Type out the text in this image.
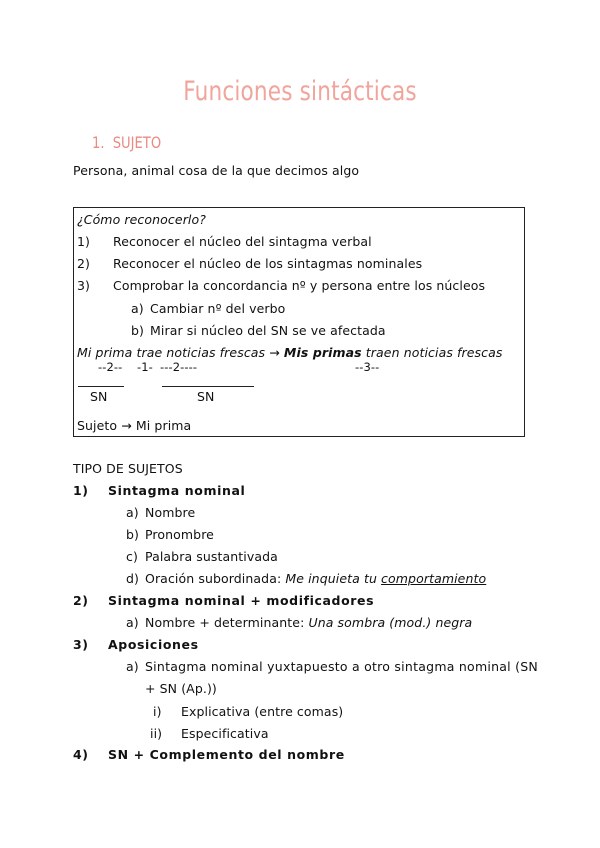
Funciones sintácticas
1. SUJETO
Persona, animal cosa de la que decimos algo
¿Cómo reconocerlo?
1) Reconocer el núcleo del sintagma verbal
2) Reconocer el núcleo de los sintagmas nominales
3) Comprobar la concordancia nº y persona entre los núcleos
a) Cambiar nº del verbo
b) Mirar si núcleo del SN se ve afectada
Mi prima trae noticias frescas → Mis primas traen noticias frescas
--2-- -1- ---2----	--3--
SN	SN
Sujeto → Mi prima
TIPO DE SUJETOS
1) Sintagma nominal
a) Nombre
b) Pronombre
c) Palabra sustantivada
d) Oración subordinada: Me inquieta tu comportamiento
2) Sintagma nominal + modificadores
a) Nombre + determinante: Una sombra (mod.) negra
3) Aposiciones
a) Sintagma nominal yuxtapuesto a otro sintagma nominal (SN
+ SN (Ap.))
i) Explicativa (entre comas)
ii) Especificativa
4) SN + Complemento del nombre
